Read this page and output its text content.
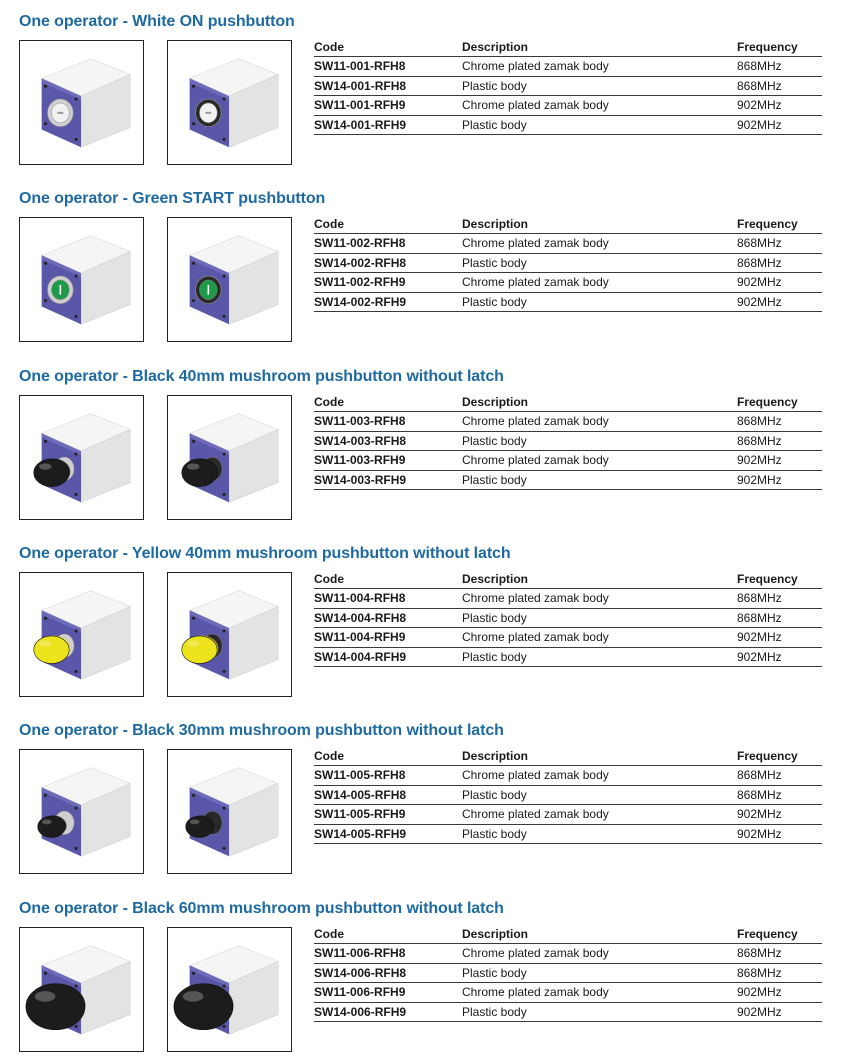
One operator - White ON pushbutton
Code	Description	Frequency
SW11-001-RFH8	Chrome plated zamak body	868MHz
SW14-001-RFH8	Plastic body	868MHz
SW11-001-RFH9	Chrome plated zamak body	902MHz
SW14-001-RFH9	Plastic body	902MHz
One operator - Green START pushbutton
Code	Description	Frequency
SW11-002-RFH8	Chrome plated zamak body	868MHz
SW14-002-RFH8	Plastic body	868MHz
SW11-002-RFH9	Chrome plated zamak body	902MHz
SW14-002-RFH9	Plastic body	902MHz
One operator - Black 40mm mushroom pushbutton without latch
Code	Description	Frequency
SW11-003-RFH8	Chrome plated zamak body	868MHz
SW14-003-RFH8	Plastic body	868MHz
SW11-003-RFH9	Chrome plated zamak body	902MHz
SW14-003-RFH9	Plastic body	902MHz
One operator - Yellow 40mm mushroom pushbutton without latch
Code	Description	Frequency
SW11-004-RFH8	Chrome plated zamak body	868MHz
SW14-004-RFH8	Plastic body	868MHz
SW11-004-RFH9	Chrome plated zamak body	902MHz
SW14-004-RFH9	Plastic body	902MHz
One operator - Black 30mm mushroom pushbutton without latch
Code	Description	Frequency
SW11-005-RFH8	Chrome plated zamak body	868MHz
SW14-005-RFH8	Plastic body	868MHz
SW11-005-RFH9	Chrome plated zamak body	902MHz
SW14-005-RFH9	Plastic body	902MHz
One operator - Black 60mm mushroom pushbutton without latch
Code	Description	Frequency
SW11-006-RFH8	Chrome plated zamak body	868MHz
SW14-006-RFH8	Plastic body	868MHz
SW11-006-RFH9	Chrome plated zamak body	902MHz
SW14-006-RFH9	Plastic body	902MHz
